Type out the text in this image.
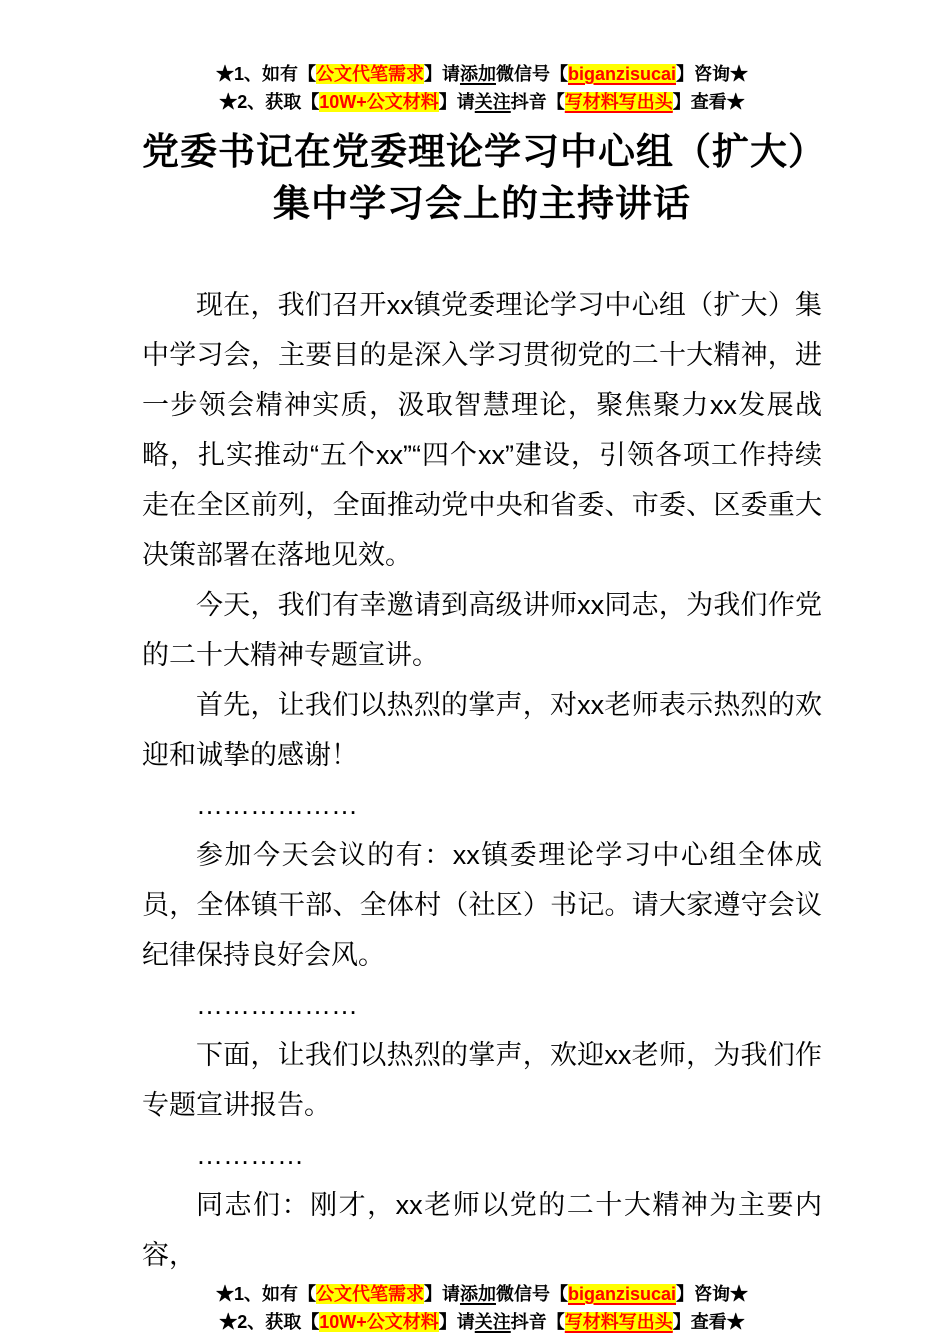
★1、如有【公文代笔需求】请添加微信号【biganzisucai】咨询★
★2、获取【10W+公文材料】请关注抖音【写材料写出头】查看★
党委书记在党委理论学习中心组（扩大）
集中学习会上的主持讲话

现在，我们召开xx镇党委理论学习中心组（扩大）集中学习会，主要目的是深入学习贯彻党的二十大精神，进一步领会精神实质，汲取智慧理论，聚焦聚力xx发展战略，扎实推动“五个xx”“四个xx”建设，引领各项工作持续走在全区前列，全面推动党中央和省委、市委、区委重大决策部署在落地见效。

今天，我们有幸邀请到高级讲师xx同志，为我们作党的二十大精神专题宣讲。

首先，让我们以热烈的掌声，对xx老师表示热烈的欢迎和诚挚的感谢！

………………

参加今天会议的有：xx镇委理论学习中心组全体成员，全体镇干部、全体村（社区）书记。请大家遵守会议纪律保持良好会风。

………………

下面，让我们以热烈的掌声，欢迎xx老师，为我们作专题宣讲报告。

…………

同志们：刚才，xx老师以党的二十大精神为主要内容，

★1、如有【公文代笔需求】请添加微信号【biganzisucai】咨询★
★2、获取【10W+公文材料】请关注抖音【写材料写出头】查看★
